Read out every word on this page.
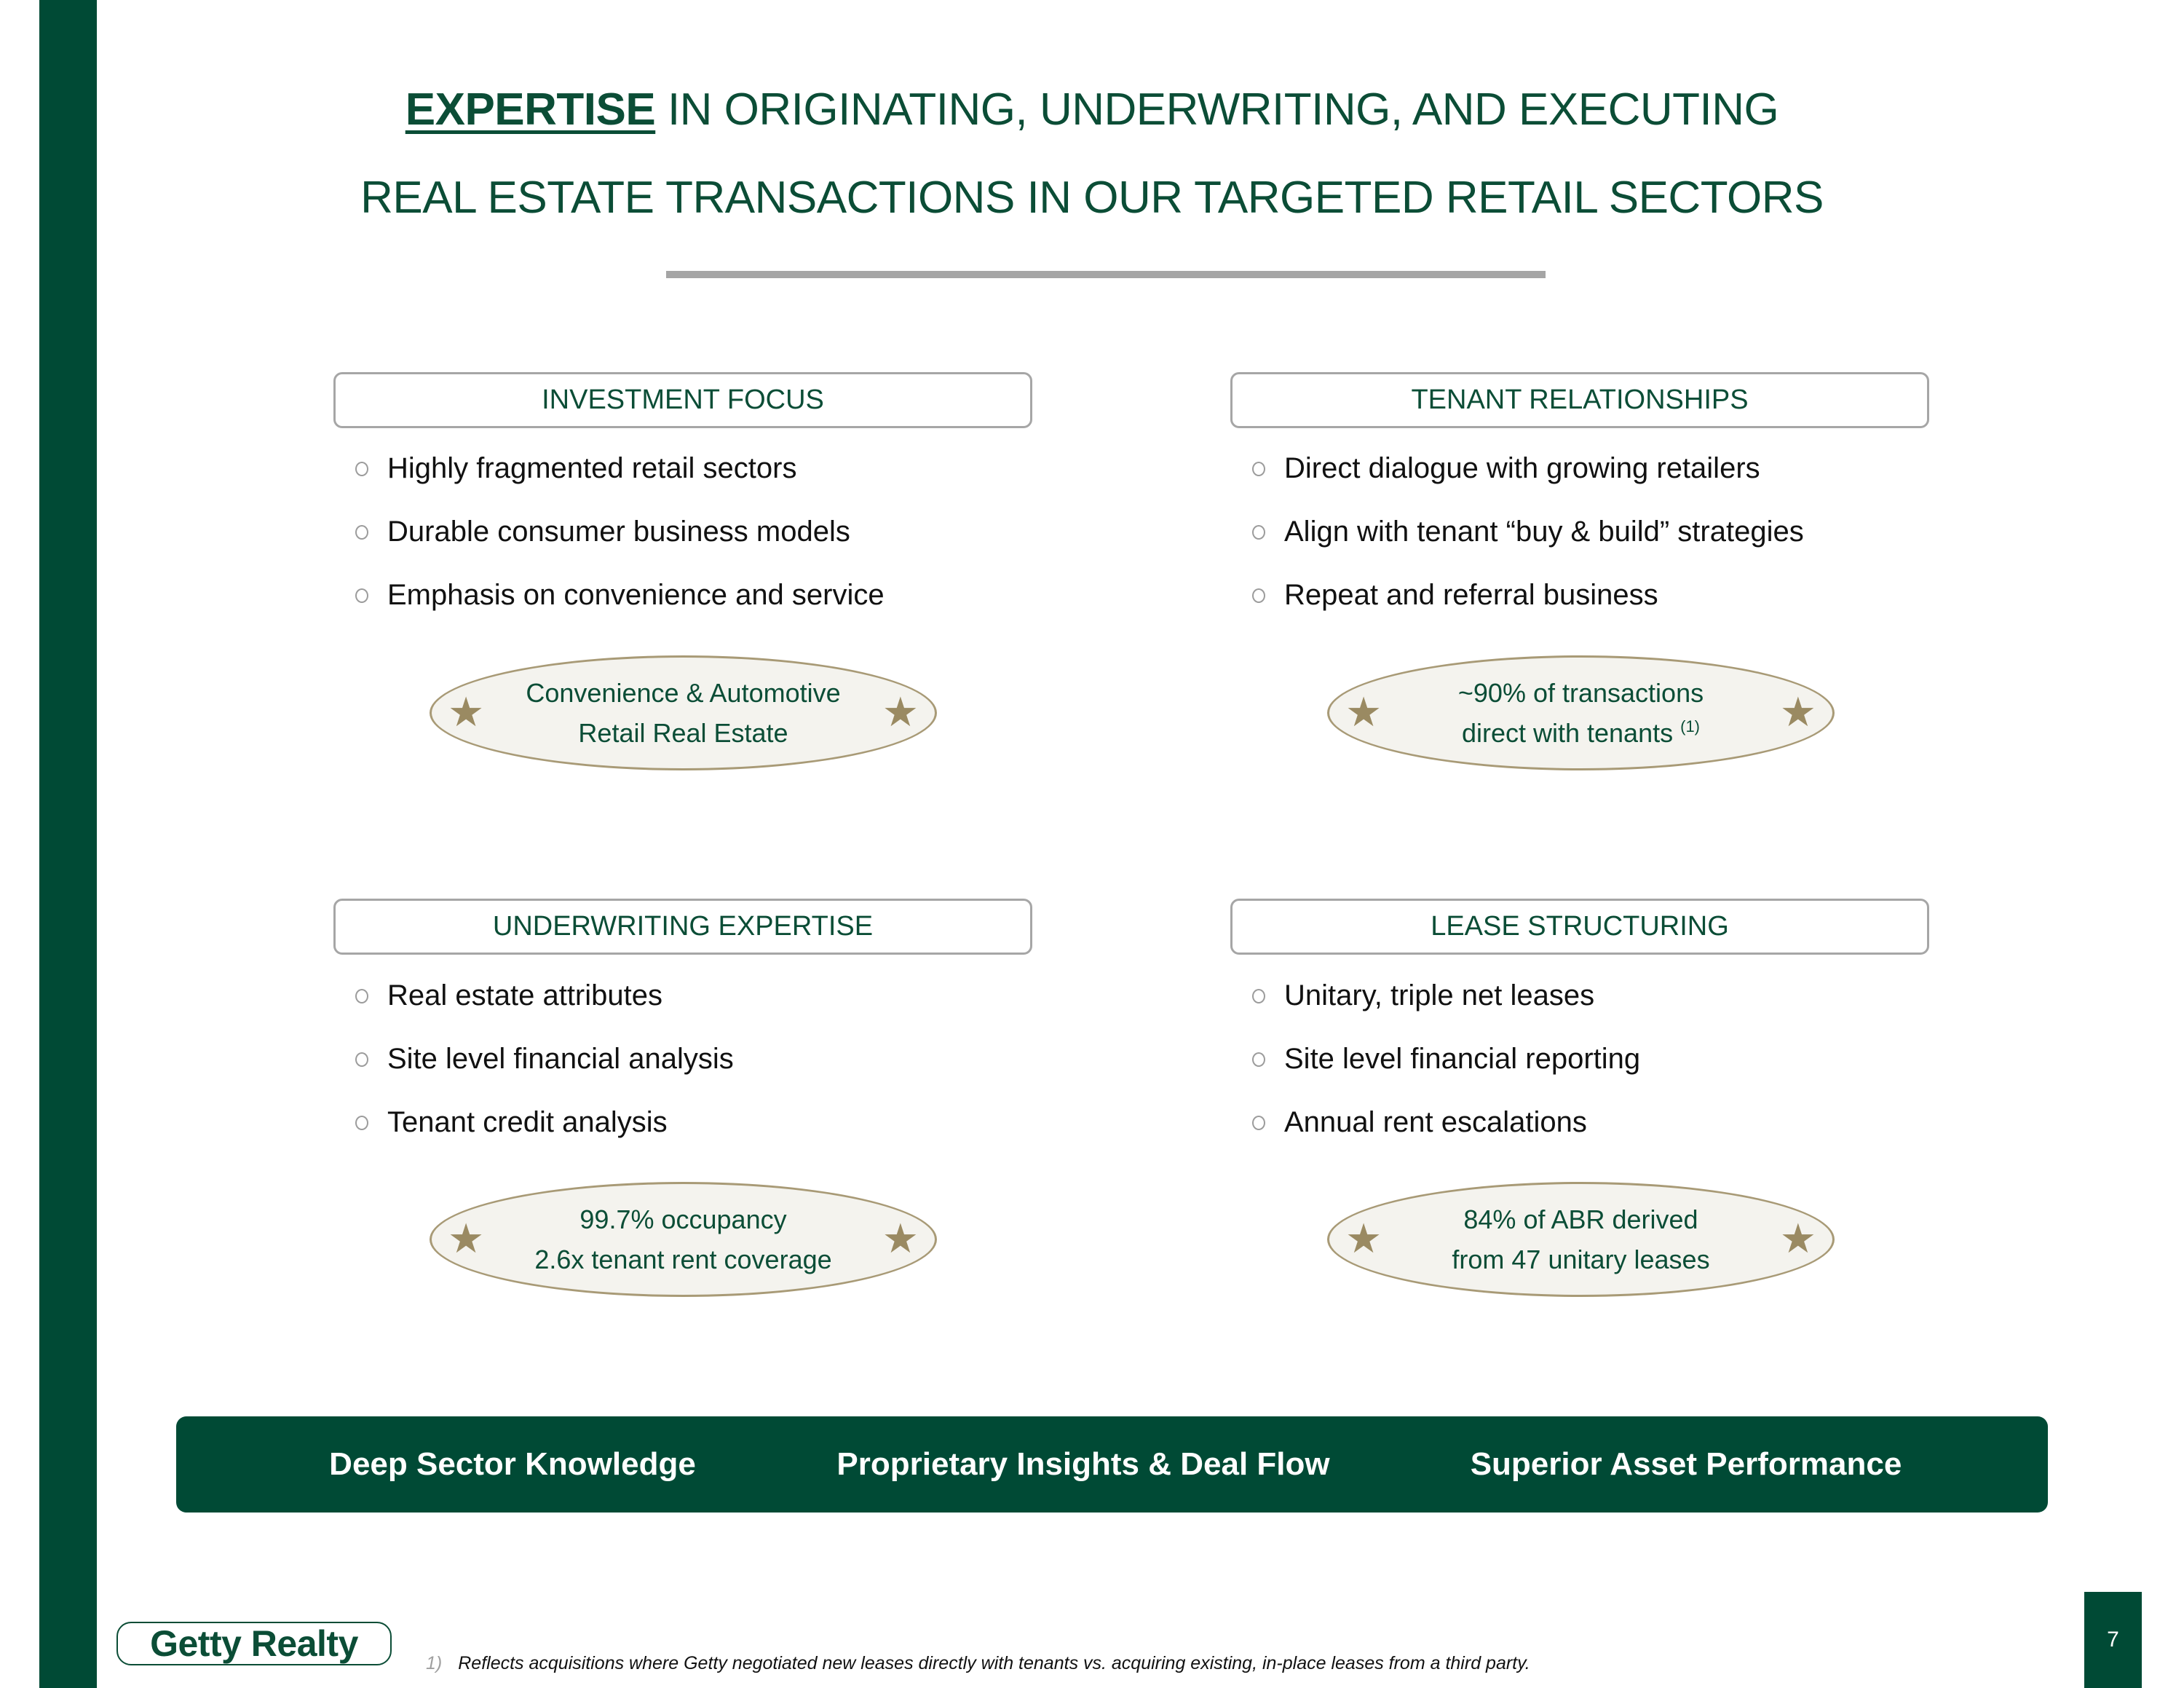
EXPERTISE IN ORIGINATING, UNDERWRITING, AND EXECUTING
REAL ESTATE TRANSACTIONS IN OUR TARGETED RETAIL SECTORS
INVESTMENT FOCUS
Highly fragmented retail sectors
Durable consumer business models
Emphasis on convenience and service
★ Convenience & Automotive
Retail Real Estate	★
TENANT RELATIONSHIPS
Direct dialogue with growing retailers
Align with tenant “buy & build” strategies
Repeat and referral business
★	~90% of transactions
direct with tenants $^{(1)}$ ★
UNDERWRITING EXPERTISE
Real estate attributes
Site level financial analysis
Tenant credit analysis
★	99.7% occupancy
2.6x tenant rent coverage ★
LEASE STRUCTURING
Unitary, triple net leases
Site level financial reporting
Annual rent escalations
★	84% of ABR derived
from 47 unitary leases ★
Deep Sector Knowledge	Proprietary Insights & Deal Flow	Superior Asset Performance
Getty Realty	1) Reflects acquisitions where Getty negotiated new leases directly with tenants vs. acquiring existing, in-place leases from a third party.
7
